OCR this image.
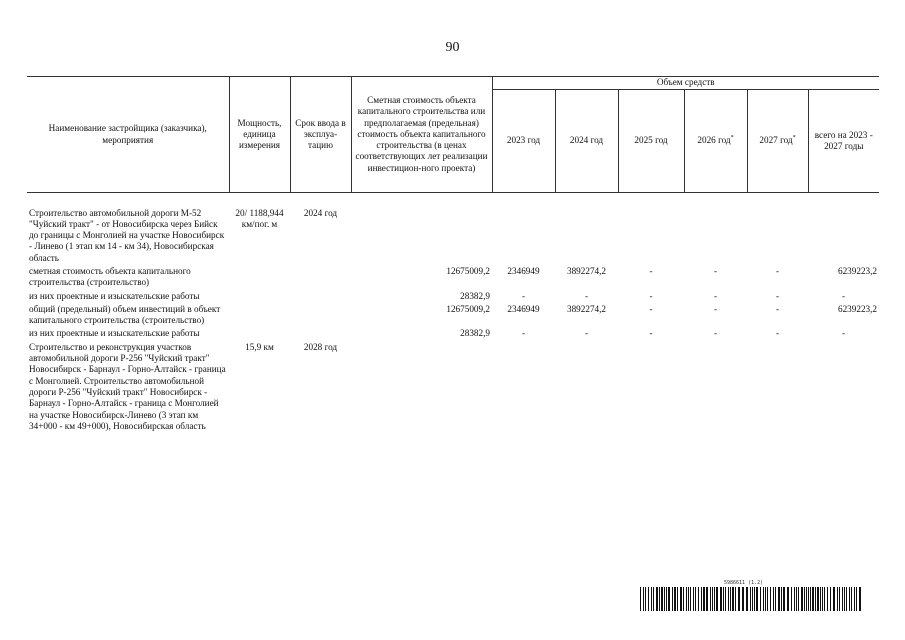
90
Наименование застройщика (заказчика), мероприятия	Мощность, единица измерения	Срок ввода в эксплуа-тацию	Сметная стоимость объекта капитального строительства или предполагаемая (предельная) стоимость объекта капитального строительства (в ценах соответствующих лет реализации инвестицион-ного проекта)	Объем средств					
				2023 год	2024 год	2025 год	2026 год*	2027 год*	всего на 2023 - 2027 годы

Строительство автомобильной дороги М-52 "Чуйский тракт" - от Новосибирска через Бийск до границы с Монголией на участке Новосибирск - Линево (1 этап км 14 - км 34), Новосибирская область	20/ 1188,944 км/пог. м	2024 год							
сметная стоимость объекта капитального строительства (строительство)			12675009,2	2346949	3892274,2	-	-	-	6239223,2
из них проектные и изыскательские работы			28382,9	-	-	-	-	-	-
общий (предельный) объем инвестиций в объект капитального строительства (строительство)			12675009,2	2346949	3892274,2	-	-	-	6239223,2
из них проектные и изыскательские работы			28382,9	-	-	-	-	-	-
Строительство и реконструкция участков автомобильной дороги Р-256 "Чуйский тракт" Новосибирск - Барнаул - Горно-Алтайск - граница с Монголией. Строительство автомобильной дороги Р-256 "Чуйский тракт" Новосибирск - Барнаул - Горно-Алтайск - граница с Монголией на участке Новосибирск-Линево (3 этап км 34+000 - км 49+000), Новосибирская область	15,9 км	2028 год							
5986611 (1.2)
